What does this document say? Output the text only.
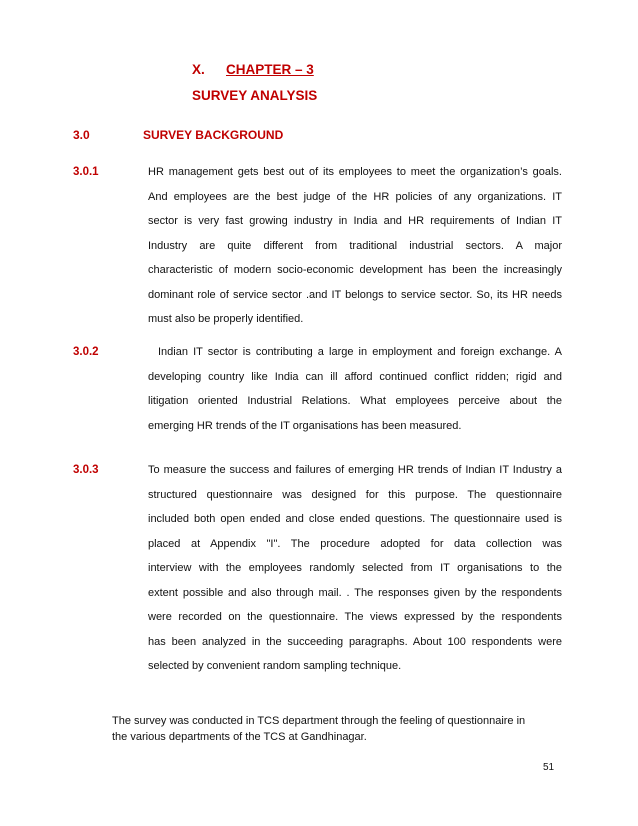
X. CHAPTER – 3
SURVEY ANALYSIS
3.0	SURVEY BACKGROUND
3.0.1	HR management gets best out of its employees to meet the organization’s goals.
And employees are the best judge of the HR policies of any organizations. IT
sector is very fast growing industry in India and HR requirements of Indian IT
Industry are quite different from traditional industrial sectors. A major
characteristic of modern socio-economic development has been the increasingly
dominant role of service sector .and IT belongs to service sector. So, its HR needs
must also be properly identified.
3.0.2	Indian IT sector is contributing a large in employment and foreign exchange. A
developing country like India can ill afford continued conflict ridden; rigid and
litigation oriented Industrial Relations. What employees perceive about the
emerging HR trends of the IT organisations has been measured.
3.0.3	To measure the success and failures of emerging HR trends of Indian IT Industry a
structured questionnaire was designed for this purpose. The questionnaire
included both open ended and close ended questions. The questionnaire used is
placed at Appendix "I". The procedure adopted for data collection was
interview with the employees randomly selected from IT organisations to the
extent possible and also through mail. . The responses given by the respondents
were recorded on the questionnaire. The views expressed by the respondents
has been analyzed in the succeeding paragraphs. About 100 respondents were
selected by convenient random sampling technique.
The survey was conducted in TCS department through the feeling of questionnaire in
the various departments of the TCS at Gandhinagar.
51
